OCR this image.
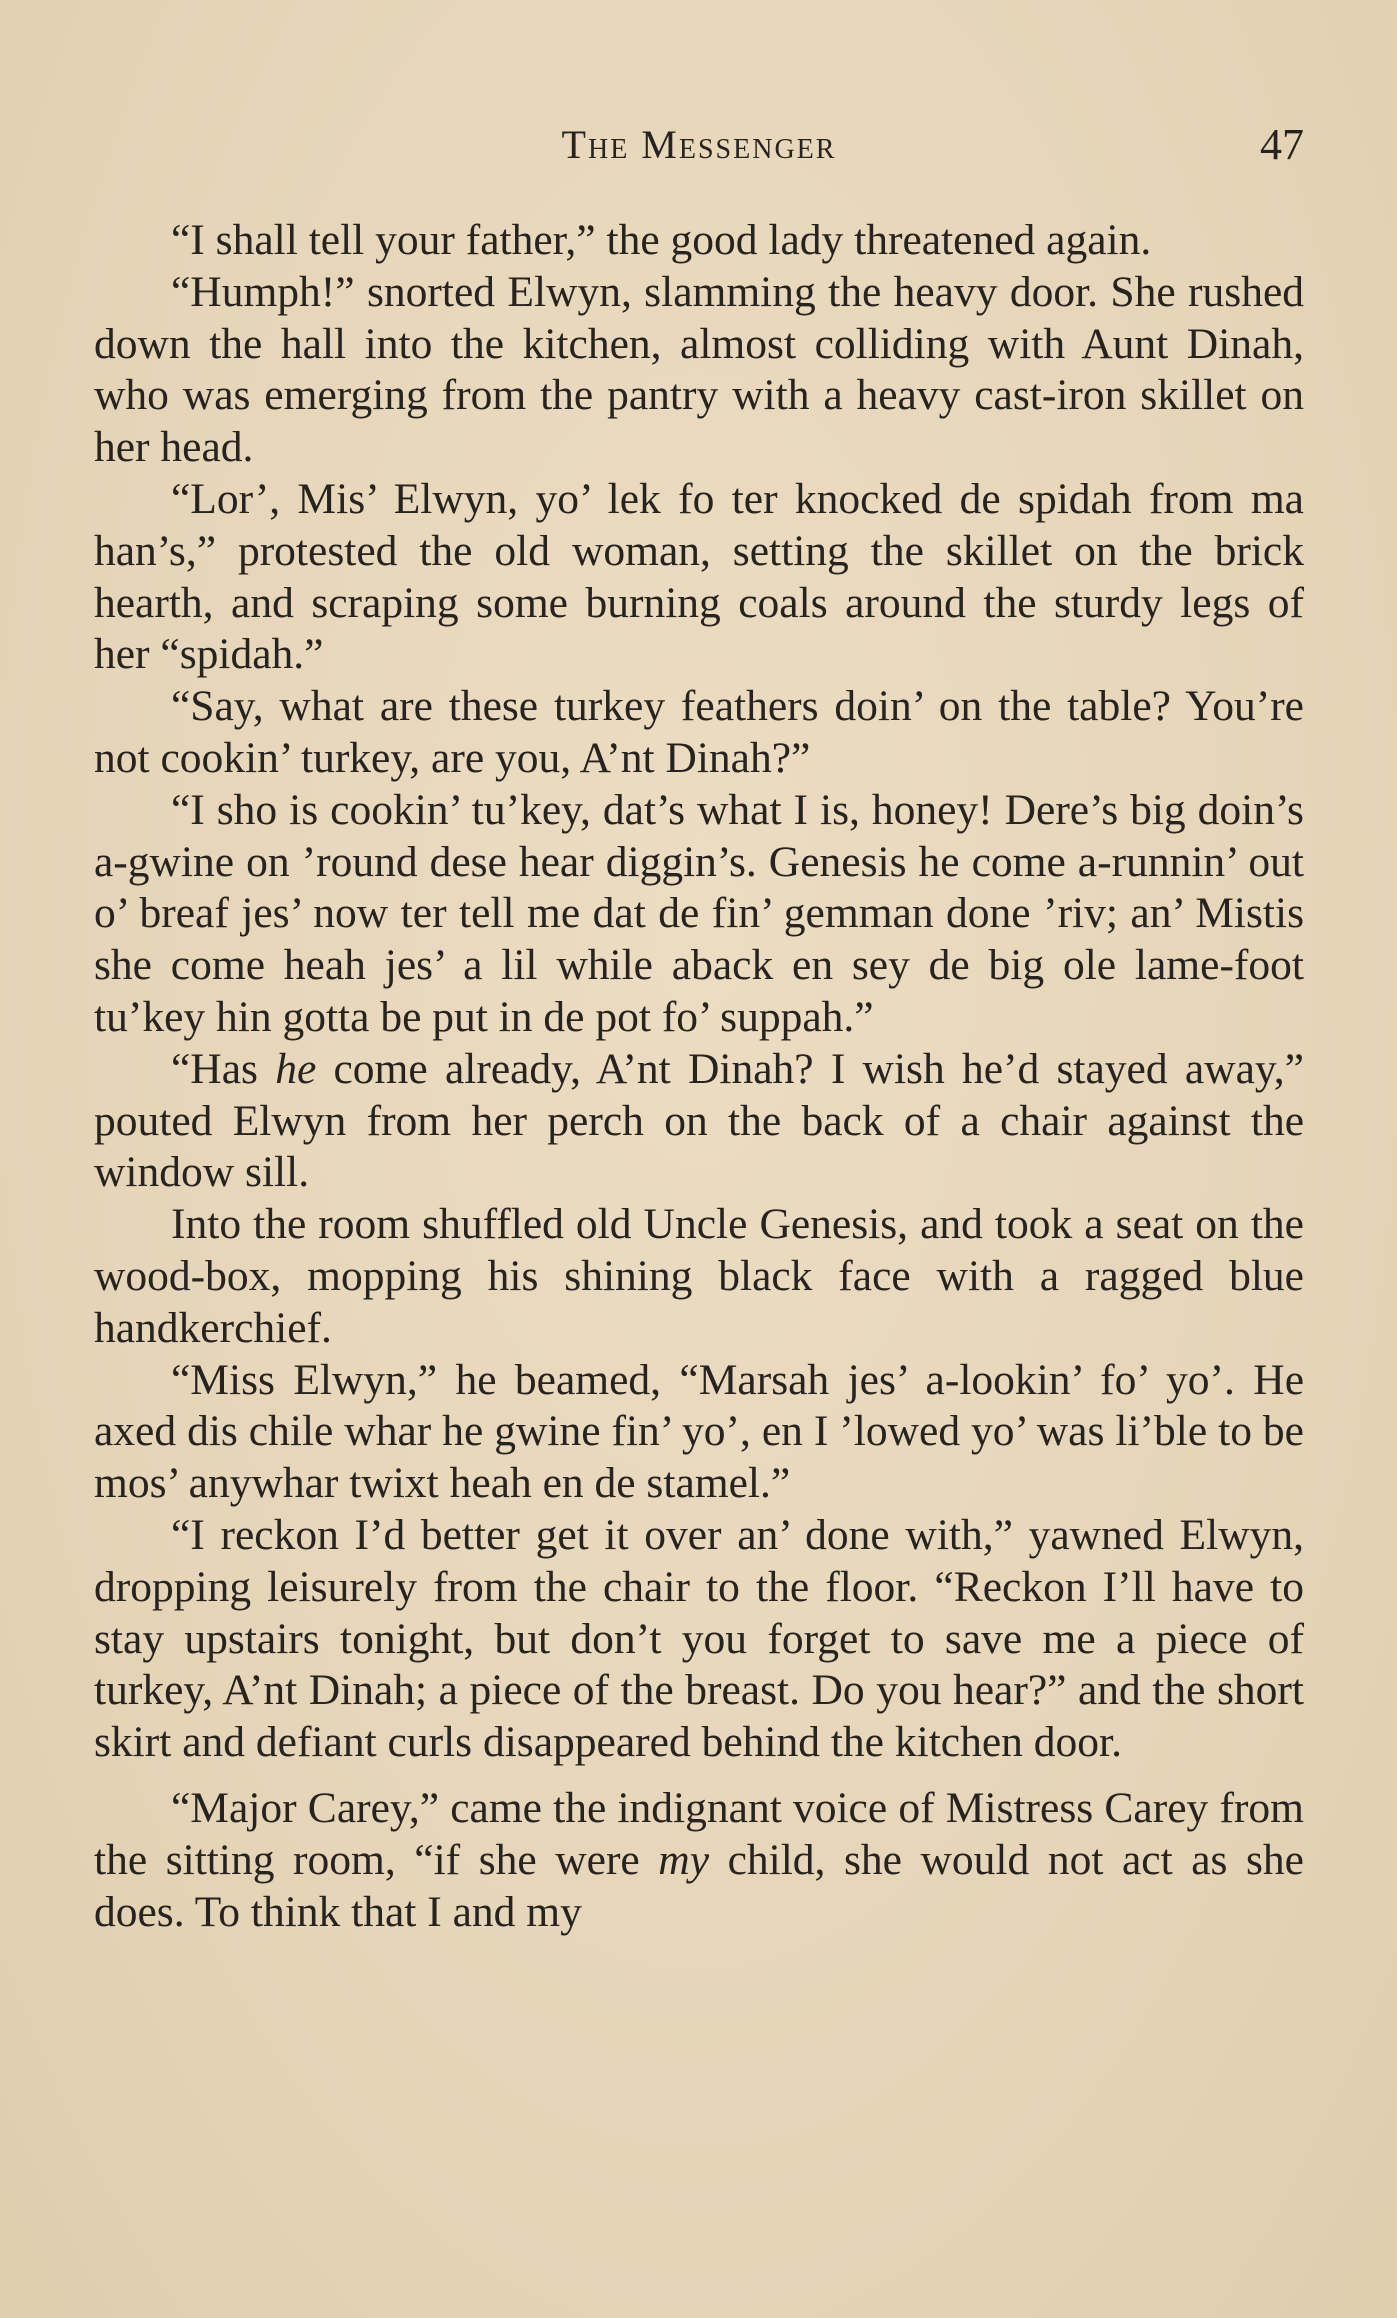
The Messenger	47

“I shall tell your father,” the good lady threatened again.

“Humph!” snorted Elwyn, slamming the heavy door. She rushed down the hall into the kitchen, almost colliding with Aunt Dinah, who was emerging from the pantry with a heavy cast-iron skillet on her head.

“Lor’, Mis’ Elwyn, yo’ lek fo ter knocked de spidah from ma han’s,” protested the old woman, setting the skillet on the brick hearth, and scraping some burning coals around the sturdy legs of her “spidah.”

“Say, what are these turkey feathers doin’ on the table? You’re not cookin’ turkey, are you, A’nt Dinah?”

“I sho is cookin’ tu’key, dat’s what I is, honey! Dere’s big doin’s a-gwine on ’round dese hear diggin’s. Genesis he come a-runnin’ out o’ breaf jes’ now ter tell me dat de fin’ gemman done ’riv; an’ Mistis she come heah jes’ a lil while aback en sey de big ole lame-foot tu’key hin gotta be put in de pot fo’ suppah.”

“Has he come already, A’nt Dinah? I wish he’d stayed away,” pouted Elwyn from her perch on the back of a chair against the window sill.

Into the room shuffled old Uncle Genesis, and took a seat on the wood-box, mopping his shining black face with a ragged blue handkerchief.

“Miss Elwyn,” he beamed, “Marsah jes’ a-lookin’ fo’ yo’. He axed dis chile whar he gwine fin’ yo’, en I ’lowed yo’ was li’ble to be mos’ anywhar twixt heah en de stamel.”

“I reckon I’d better get it over an’ done with,” yawned Elwyn, dropping leisurely from the chair to the floor. “Reckon I’ll have to stay upstairs tonight, but don’t you forget to save me a piece of turkey, A’nt Dinah; a piece of the breast. Do you hear?” and the short skirt and defiant curls disappeared behind the kitchen door.

“Major Carey,” came the indignant voice of Mistress Carey from the sitting room, “if she were my child, she would not act as she does. To think that I and my
